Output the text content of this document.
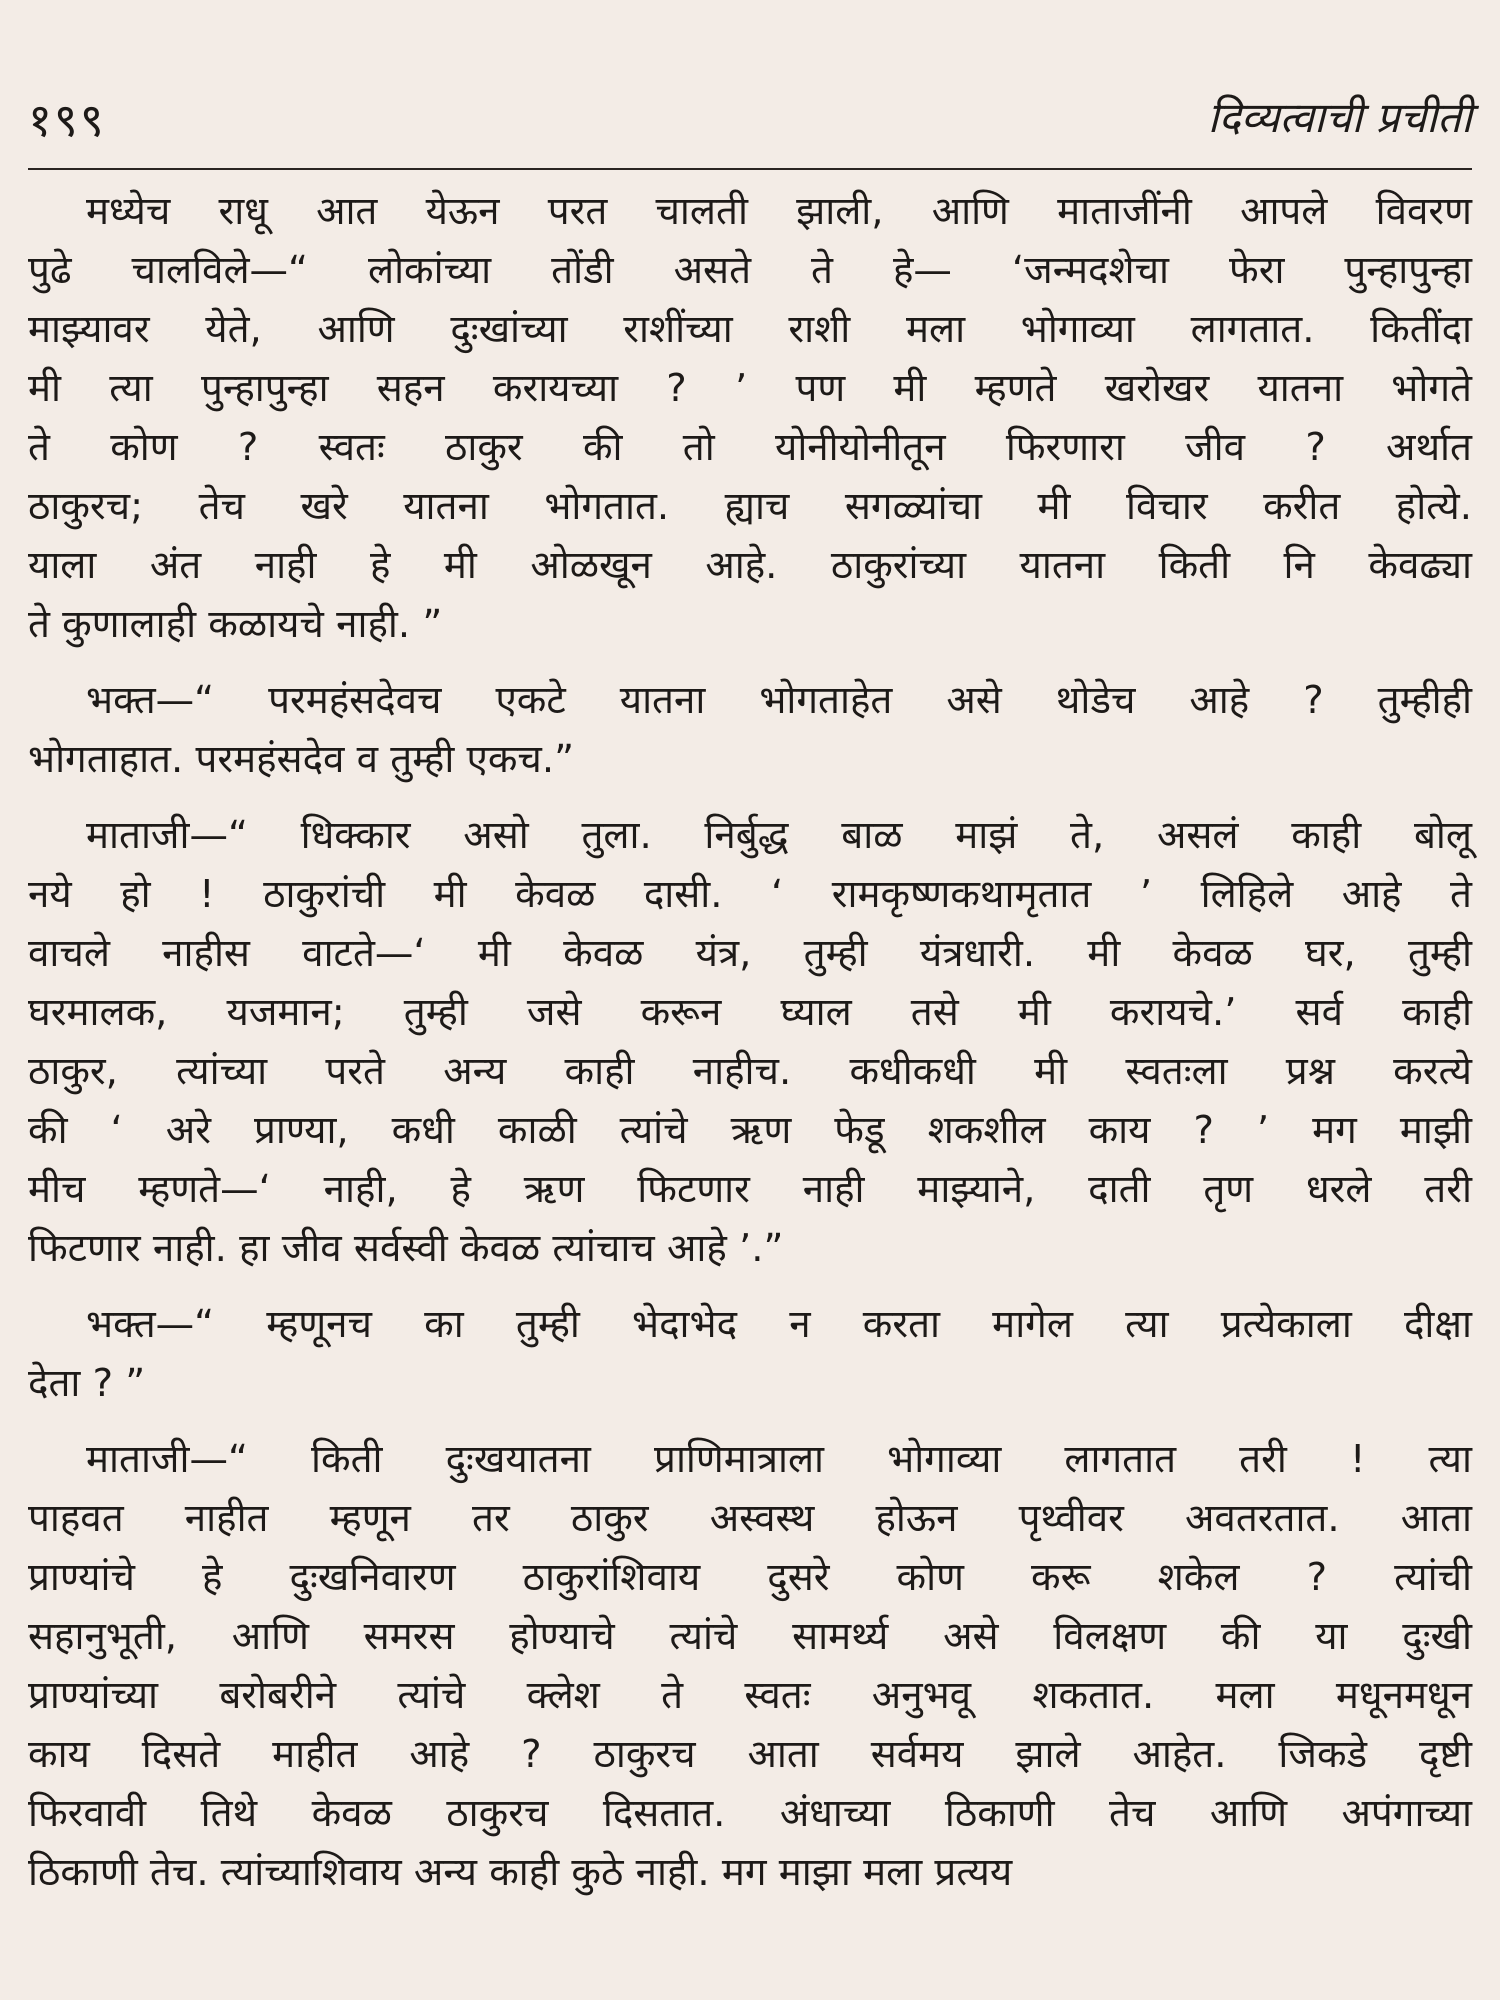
१९९	दिव्यत्वाची प्रचीती
मध्येच राधू आत येऊन परत चालती झाली, आणि माताजींनी आपले विवरण
पुढे चालविले—“ लोकांच्या तोंडी असते ते हे— ‘जन्मदशेचा फेरा पुन्हापुन्हा
माझ्यावर येते, आणि दुःखांच्या राशींच्या राशी मला भोगाव्या लागतात. कितींदा
मी त्या पुन्हापुन्हा सहन करायच्या ? ’ पण मी म्हणते खरोखर यातना भोगते
ते कोण ? स्वतः ठाकुर की तो योनीयोनीतून फिरणारा जीव ? अर्थात
ठाकुरच; तेच खरे यातना भोगतात. ह्याच सगळ्यांचा मी विचार करीत होत्ये.
याला अंत नाही हे मी ओळखून आहे. ठाकुरांच्या यातना किती नि केवढ्या
ते कुणालाही कळायचे नाही. ”
भक्त—“ परमहंसदेवच एकटे यातना भोगताहेत असे थोडेच आहे ? तुम्हीही
भोगताहात. परमहंसदेव व तुम्ही एकच.”
माताजी—“ धिक्कार असो तुला. निर्बुद्ध बाळ माझं ते, असलं काही बोलू
नये हो ! ठाकुरांची मी केवळ दासी. ‘ रामकृष्णकथामृतात ’ लिहिले आहे ते
वाचले नाहीस वाटते—‘ मी केवळ यंत्र, तुम्ही यंत्रधारी. मी केवळ घर, तुम्ही
घरमालक, यजमान; तुम्ही जसे करून घ्याल तसे मी करायचे.’ सर्व काही
ठाकुर, त्यांच्या परते अन्य काही नाहीच. कधीकधी मी स्वतःला प्रश्न करत्ये
की ‘ अरे प्राण्या, कधी काळी त्यांचे ऋण फेडू शकशील काय ? ’ मग माझी
मीच म्हणते—‘ नाही, हे ऋण फिटणार नाही माझ्याने, दाती तृण धरले तरी
फिटणार नाही. हा जीव सर्वस्वी केवळ त्यांचाच आहे ’.”
भक्त—“ म्हणूनच का तुम्ही भेदाभेद न करता मागेल त्या प्रत्येकाला दीक्षा
देता ? ”
माताजी—“ किती दुःखयातना प्राणिमात्राला भोगाव्या लागतात तरी ! त्या
पाहवत नाहीत म्हणून तर ठाकुर अस्वस्थ होऊन पृथ्वीवर अवतरतात. आता
प्राण्यांचे हे दुःखनिवारण ठाकुरांशिवाय दुसरे कोण करू शकेल ? त्यांची
सहानुभूती, आणि समरस होण्याचे त्यांचे सामर्थ्य असे विलक्षण की या दुःखी
प्राण्यांच्या बरोबरीने त्यांचे क्लेश ते स्वतः अनुभवू शकतात. मला मधूनमधून
काय दिसते माहीत आहे ? ठाकुरच आता सर्वमय झाले आहेत. जिकडे दृष्टी
फिरवावी तिथे केवळ ठाकुरच दिसतात. अंधाच्या ठिकाणी तेच आणि अपंगाच्या
ठिकाणी तेच. त्यांच्याशिवाय अन्य काही कुठे नाही. मग माझा मला प्रत्यय
